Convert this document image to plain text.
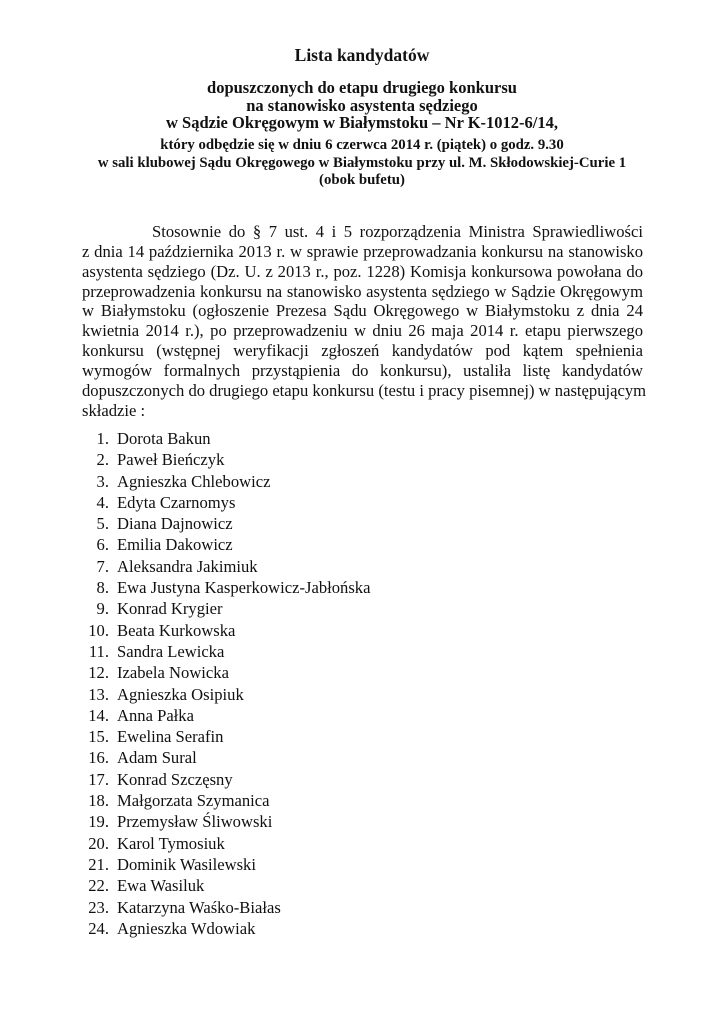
Lista kandydatów
dopuszczonych do etapu drugiego konkursu
na stanowisko asystenta sędziego
w Sądzie Okręgowym w Białymstoku – Nr K-1012-6/14,
który odbędzie się w dniu 6 czerwca 2014 r. (piątek) o godz. 9.30
w sali klubowej Sądu Okręgowego w Białymstoku przy ul. M. Skłodowskiej-Curie 1
(obok bufetu)
Stosownie do § 7 ust. 4 i 5 rozporządzenia Ministra Sprawiedliwości
z dnia 14 października 2013 r. w sprawie przeprowadzania konkursu na stanowisko
asystenta sędziego (Dz. U. z 2013 r., poz. 1228) Komisja konkursowa powołana do
przeprowadzenia konkursu na stanowisko asystenta sędziego w Sądzie Okręgowym
w Białymstoku (ogłoszenie Prezesa Sądu Okręgowego w Białymstoku z dnia 24
kwietnia 2014 r.), po przeprowadzeniu w dniu 26 maja 2014 r. etapu pierwszego
konkursu (wstępnej weryfikacji zgłoszeń kandydatów pod kątem spełnienia
wymogów formalnych przystąpienia do konkursu), ustaliła listę kandydatów
dopuszczonych do drugiego etapu konkursu (testu i pracy pisemnej) w następującym
składzie :
1. Dorota Bakun
2. Paweł Bieńczyk
3. Agnieszka Chlebowicz
4. Edyta Czarnomys
5. Diana Dajnowicz
6. Emilia Dakowicz
7. Aleksandra Jakimiuk
8. Ewa Justyna Kasperkowicz-Jabłońska
9. Konrad Krygier
10. Beata Kurkowska
11. Sandra Lewicka
12. Izabela Nowicka
13. Agnieszka Osipiuk
14. Anna Pałka
15. Ewelina Serafin
16. Adam Sural
17. Konrad Szczęsny
18. Małgorzata Szymanica
19. Przemysław Śliwowski
20. Karol Tymosiuk
21. Dominik Wasilewski
22. Ewa Wasiluk
23. Katarzyna Waśko-Białas
24. Agnieszka Wdowiak
